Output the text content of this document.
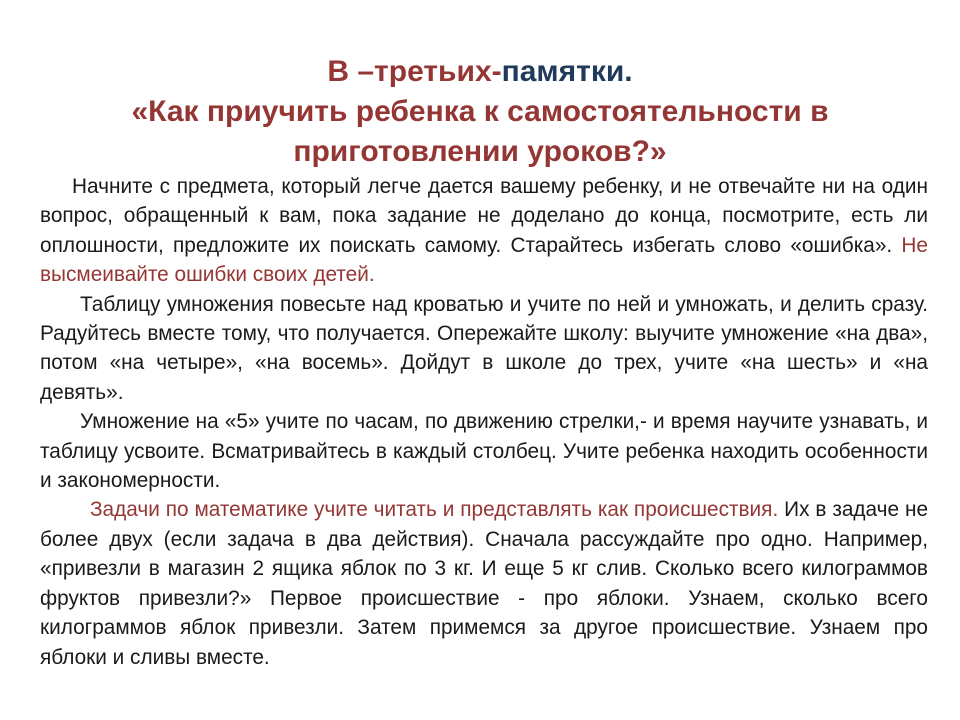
В –третьих-памятки.
«Как приучить ребенка к самостоятельности в
приготовлении уроков?»

Начните с предмета, который легче дается вашему ребенку, и не отвечайте ни на один вопрос, обращенный к вам, пока задание не доделано до конца, посмотрите, есть ли оплошности, предложите их поискать самому. Старайтесь избегать слово «ошибка». Не высмеивайте ошибки своих детей.

Таблицу умножения повесьте над кроватью и учите по ней и умножать, и делить сразу. Радуйтесь вместе тому, что получается. Опережайте школу: выучите умножение «на два», потом «на четыре», «на восемь». Дойдут в школе до трех, учите «на шесть» и «на девять».

Умножение на «5» учите по часам, по движению стрелки,- и время научите узнавать, и таблицу усвоите. Всматривайтесь в каждый столбец. Учите ребенка находить особенности и закономерности.

Задачи по математике учите читать и представлять как происшествия. Их в задаче не более двух (если задача в два действия). Сначала рассуждайте про одно. Например, «привезли в магазин 2 ящика яблок по 3 кг. И еще 5 кг слив. Сколько всего килограммов фруктов привезли?» Первое происшествие - про яблоки. Узнаем, сколько всего килограммов яблок привезли. Затем примемся за другое происшествие. Узнаем про яблоки и сливы вместе.
